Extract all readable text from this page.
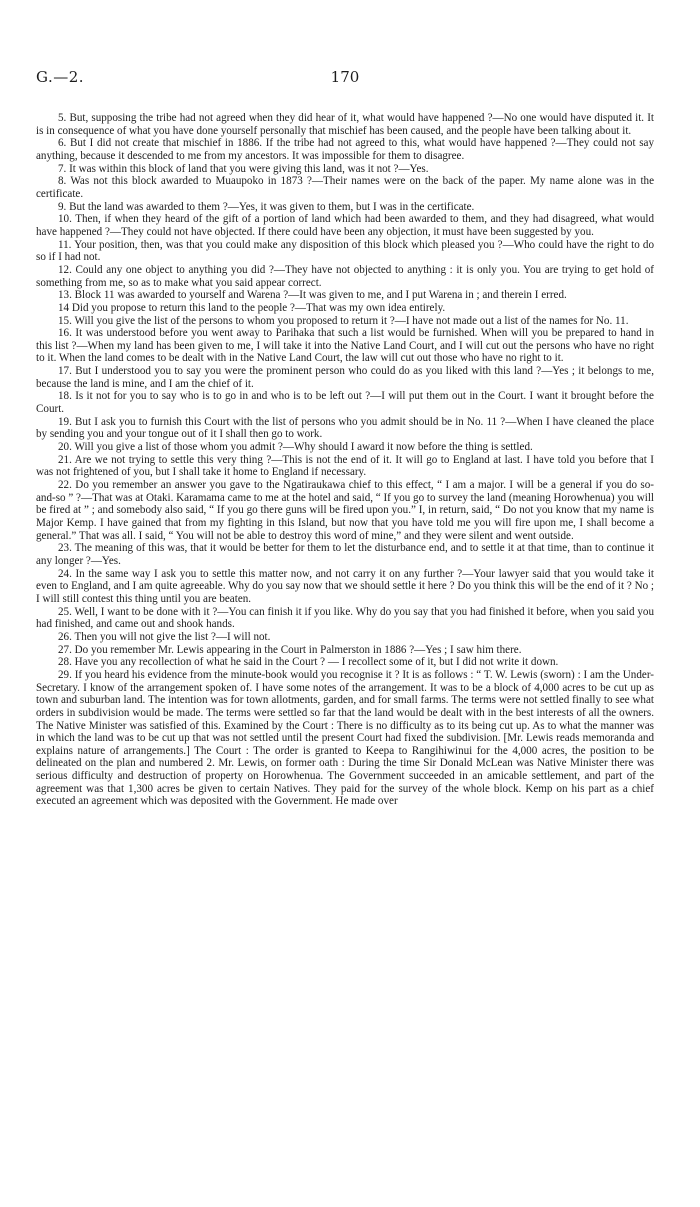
G.—2.	170

5. But, supposing the tribe had not agreed when they did hear of it, what would have happened ?—No one would have disputed it. It is in consequence of what you have done yourself personally that mischief has been caused, and the people have been talking about it.

6. But I did not create that mischief in 1886. If the tribe had not agreed to this, what would have happened ?—They could not say anything, because it descended to me from my ancestors. It was impossible for them to disagree.

7. It was within this block of land that you were giving this land, was it not ?—Yes.

8. Was not this block awarded to Muaupoko in 1873 ?—Their names were on the back of the paper. My name alone was in the certificate.

9. But the land was awarded to them ?—Yes, it was given to them, but I was in the certificate.

10. Then, if when they heard of the gift of a portion of land which had been awarded to them, and they had disagreed, what would have happened ?—They could not have objected. If there could have been any objection, it must have been suggested by you.

11. Your position, then, was that you could make any disposition of this block which pleased you ?—Who could have the right to do so if I had not.

12. Could any one object to anything you did ?—They have not objected to anything : it is only you. You are trying to get hold of something from me, so as to make what you said appear correct.

13. Block 11 was awarded to yourself and Warena ?—It was given to me, and I put Warena in ; and therein I erred.

14 Did you propose to return this land to the people ?—That was my own idea entirely.

15. Will you give the list of the persons to whom you proposed to return it ?—I have not made out a list of the names for No. 11.

16. It was understood before you went away to Parihaka that such a list would be furnished. When will you be prepared to hand in this list ?—When my land has been given to me, I will take it into the Native Land Court, and I will cut out the persons who have no right to it. When the land comes to be dealt with in the Native Land Court, the law will cut out those who have no right to it.

17. But I understood you to say you were the prominent person who could do as you liked with this land ?—Yes ; it belongs to me, because the land is mine, and I am the chief of it.

18. Is it not for you to say who is to go in and who is to be left out ?—I will put them out in the Court. I want it brought before the Court.

19. But I ask you to furnish this Court with the list of persons who you admit should be in No. 11 ?—When I have cleaned the place by sending you and your tongue out of it I shall then go to work.

20. Will you give a list of those whom you admit ?—Why should I award it now before the thing is settled.

21. Are we not trying to settle this very thing ?—This is not the end of it. It will go to England at last. I have told you before that I was not frightened of you, but I shall take it home to England if necessary.

22. Do you remember an answer you gave to the Ngatiraukawa chief to this effect, “ I am a major. I will be a general if you do so-and-so ” ?—That was at Otaki. Karamama came to me at the hotel and said, “ If you go to survey the land (meaning Horowhenua) you will be fired at ” ; and somebody also said, “ If you go there guns will be fired upon you.” I, in return, said, “ Do not you know that my name is Major Kemp. I have gained that from my fighting in this Island, but now that you have told me you will fire upon me, I shall become a general.” That was all. I said, “ You will not be able to destroy this word of mine,” and they were silent and went outside.

23. The meaning of this was, that it would be better for them to let the disturbance end, and to settle it at that time, than to continue it any longer ?—Yes.

24. In the same way I ask you to settle this matter now, and not carry it on any further ?—Your lawyer said that you would take it even to England, and I am quite agreeable. Why do you say now that we should settle it here ? Do you think this will be the end of it ? No ; I will still contest this thing until you are beaten.

25. Well, I want to be done with it ?—You can finish it if you like. Why do you say that you had finished it before, when you said you had finished, and came out and shook hands.

26. Then you will not give the list ?—I will not.

27. Do you remember Mr. Lewis appearing in the Court in Palmerston in 1886 ?—Yes ; I saw him there.

28. Have you any recollection of what he said in the Court ? — I recollect some of it, but I did not write it down.

29. If you heard his evidence from the minute-book would you recognise it ? It is as follows : “ T. W. Lewis (sworn) : I am the Under-Secretary. I know of the arrangement spoken of. I have some notes of the arrangement. It was to be a block of 4,000 acres to be cut up as town and suburban land. The intention was for town allotments, garden, and for small farms. The terms were not settled finally to see what orders in subdivision would be made. The terms were settled so far that the land would be dealt with in the best interests of all the owners. The Native Minister was satisfied of this. Examined by the Court : There is no difficulty as to its being cut up. As to what the manner was in which the land was to be cut up that was not settled until the present Court had fixed the subdivision. [Mr. Lewis reads memoranda and explains nature of arrangements.] The Court : The order is granted to Keepa to Rangihiwinui for the 4,000 acres, the position to be delineated on the plan and numbered 2. Mr. Lewis, on former oath : During the time Sir Donald McLean was Native Minister there was serious difficulty and destruction of property on Horowhenua. The Government succeeded in an amicable settlement, and part of the agreement was that 1,300 acres be given to certain Natives. They paid for the survey of the whole block. Kemp on his part as a chief executed an agreement which was deposited with the Government. He made over
